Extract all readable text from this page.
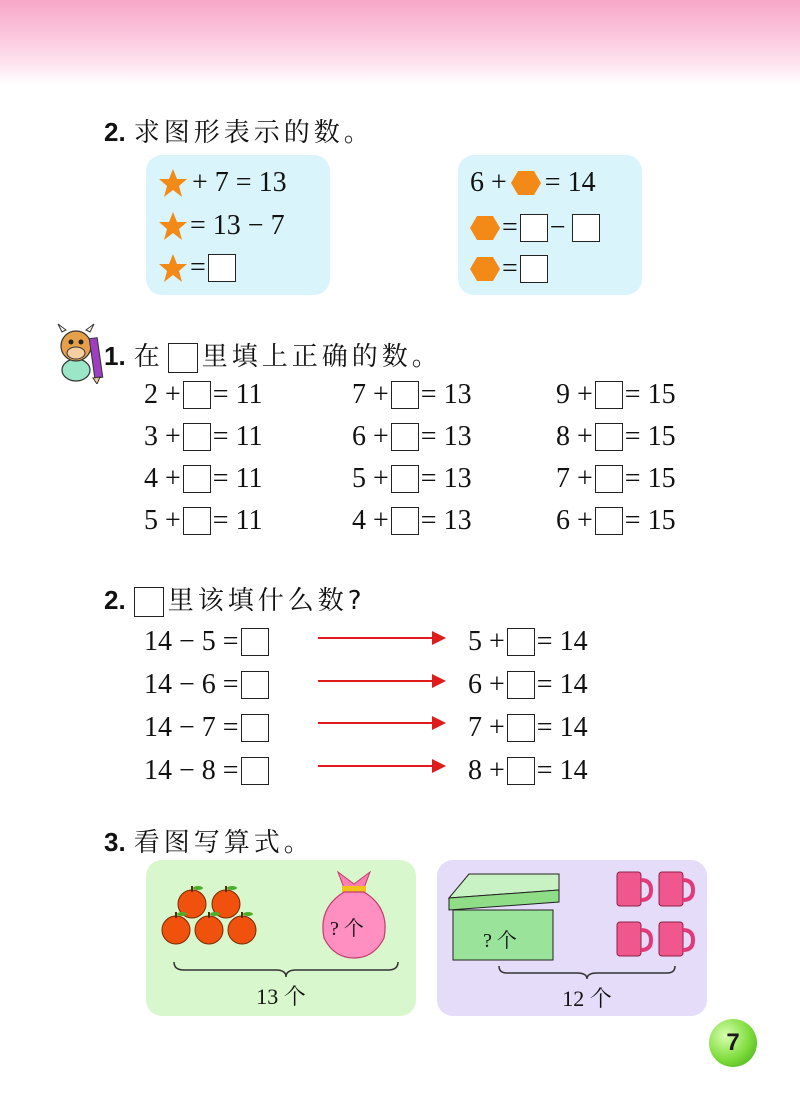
2. 求图形表示的数。
+ 7 = 13
= 13 − 7
=
6 + = 14
= −
=
1. 在 里填上正确的数。
2 + = 11
3 + = 11
4 + = 11
5 + = 11
7 + = 13
6 + = 13
5 + = 13
4 + = 13
9 + = 15
8 + = 15
7 + = 15
6 + = 15
2. 里该填什么数?
14 − 5 =
14 − 6 =
14 − 7 =
14 − 8 =
5 + = 14
6 + = 14
7 + = 14
8 + = 14
3. 看图写算式。
? 个
13 个
? 个
12 个
7
